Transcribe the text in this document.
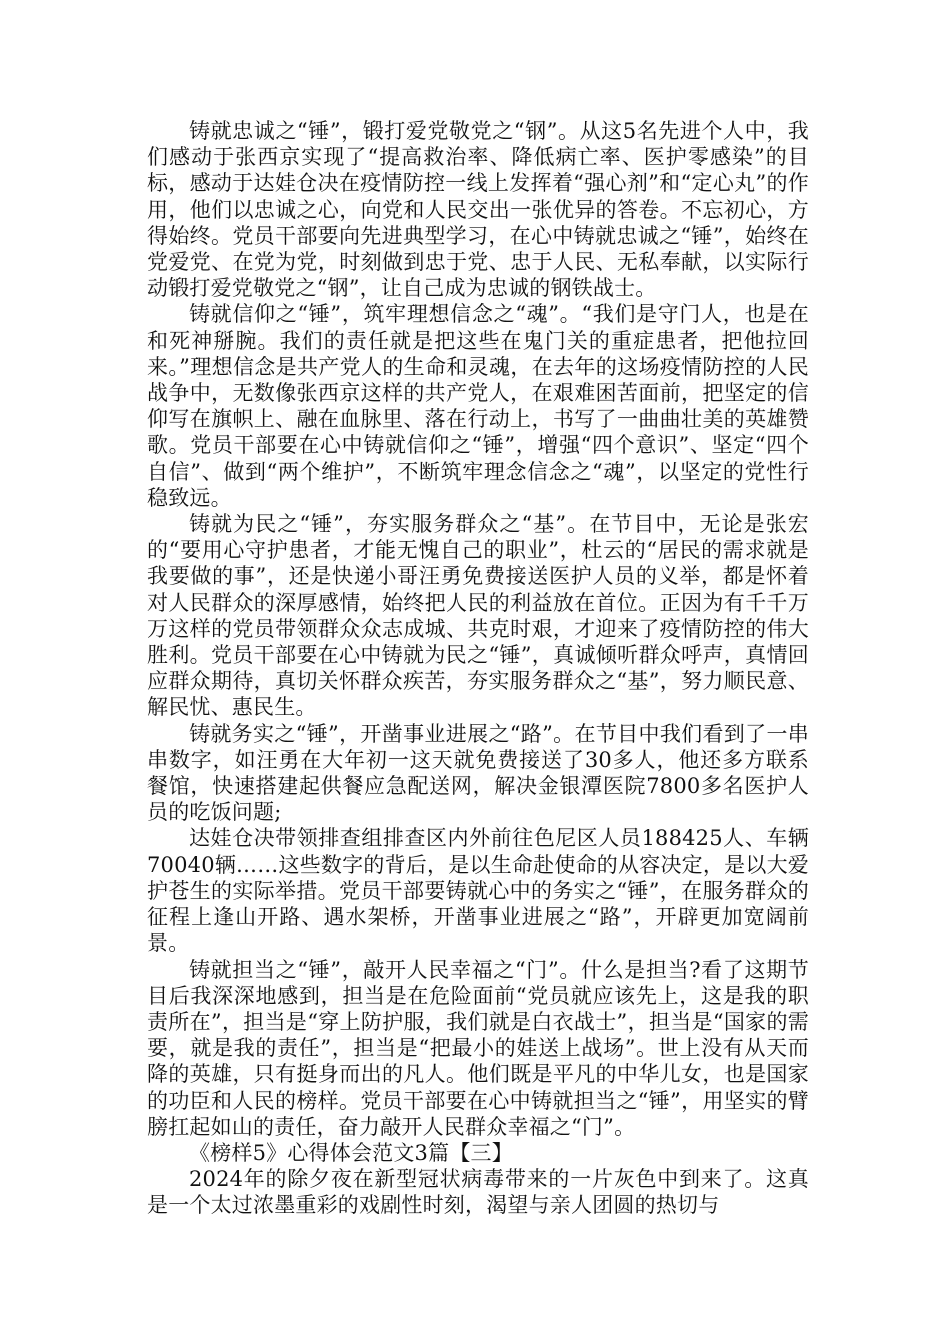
铸就忠诚之“锤”，锻打爱党敬党之“钢”。从这5名先进个人中，我们感动于张西京实现了“提高救治率、降低病亡率、医护零感染”的目标，感动于达娃仓决在疫情防控一线上发挥着“强心剂”和“定心丸”的作用，他们以忠诚之心，向党和人民交出一张优异的答卷。不忘初心，方得始终。党员干部要向先进典型学习，在心中铸就忠诚之“锤”，始终在党爱党、在党为党，时刻做到忠于党、忠于人民、无私奉献，以实际行动锻打爱党敬党之“钢”，让自己成为忠诚的钢铁战士。

铸就信仰之“锤”，筑牢理想信念之“魂”。“我们是守门人，也是在和死神掰腕。我们的责任就是把这些在鬼门关的重症患者，把他拉回来。”理想信念是共产党人的生命和灵魂，在去年的这场疫情防控的人民战争中，无数像张西京这样的共产党人，在艰难困苦面前，把坚定的信仰写在旗帜上、融在血脉里、落在行动上，书写了一曲曲壮美的英雄赞歌。党员干部要在心中铸就信仰之“锤”，增强“四个意识”、坚定“四个自信”、做到“两个维护”，不断筑牢理念信念之“魂”，以坚定的党性行稳致远。

铸就为民之“锤”，夯实服务群众之“基”。在节目中，无论是张宏的“要用心守护患者，才能无愧自己的职业”，杜云的“居民的需求就是我要做的事”，还是快递小哥汪勇免费接送医护人员的义举，都是怀着对人民群众的深厚感情，始终把人民的利益放在首位。正因为有千千万万这样的党员带领群众众志成城、共克时艰，才迎来了疫情防控的伟大胜利。党员干部要在心中铸就为民之“锤”，真诚倾听群众呼声，真情回应群众期待，真切关怀群众疾苦，夯实服务群众之“基”，努力顺民意、解民忧、惠民生。

铸就务实之“锤”，开凿事业进展之“路”。在节目中我们看到了一串串数字，如汪勇在大年初一这天就免费接送了30多人，他还多方联系餐馆，快速搭建起供餐应急配送网，解决金银潭医院7800多名医护人员的吃饭问题;

达娃仓决带领排查组排查区内外前往色尼区人员188425人、车辆70040辆……这些数字的背后，是以生命赴使命的从容决定，是以大爱护苍生的实际举措。党员干部要铸就心中的务实之“锤”，在服务群众的征程上逢山开路、遇水架桥，开凿事业进展之“路”，开辟更加宽阔前景。

铸就担当之“锤”，敲开人民幸福之“门”。什么是担当?看了这期节目后我深深地感到，担当是在危险面前“党员就应该先上，这是我的职责所在”，担当是“穿上防护服，我们就是白衣战士”，担当是“国家的需要，就是我的责任”，担当是“把最小的娃送上战场”。世上没有从天而降的英雄，只有挺身而出的凡人。他们既是平凡的中华儿女，也是国家的功臣和人民的榜样。党员干部要在心中铸就担当之“锤”，用坚实的臂膀扛起如山的责任，奋力敲开人民群众幸福之“门”。

《榜样5》心得体会范文3篇【三】

2024年的除夕夜在新型冠状病毒带来的一片灰色中到来了。这真是一个太过浓墨重彩的戏剧性时刻，渴望与亲人团圆的热切与
